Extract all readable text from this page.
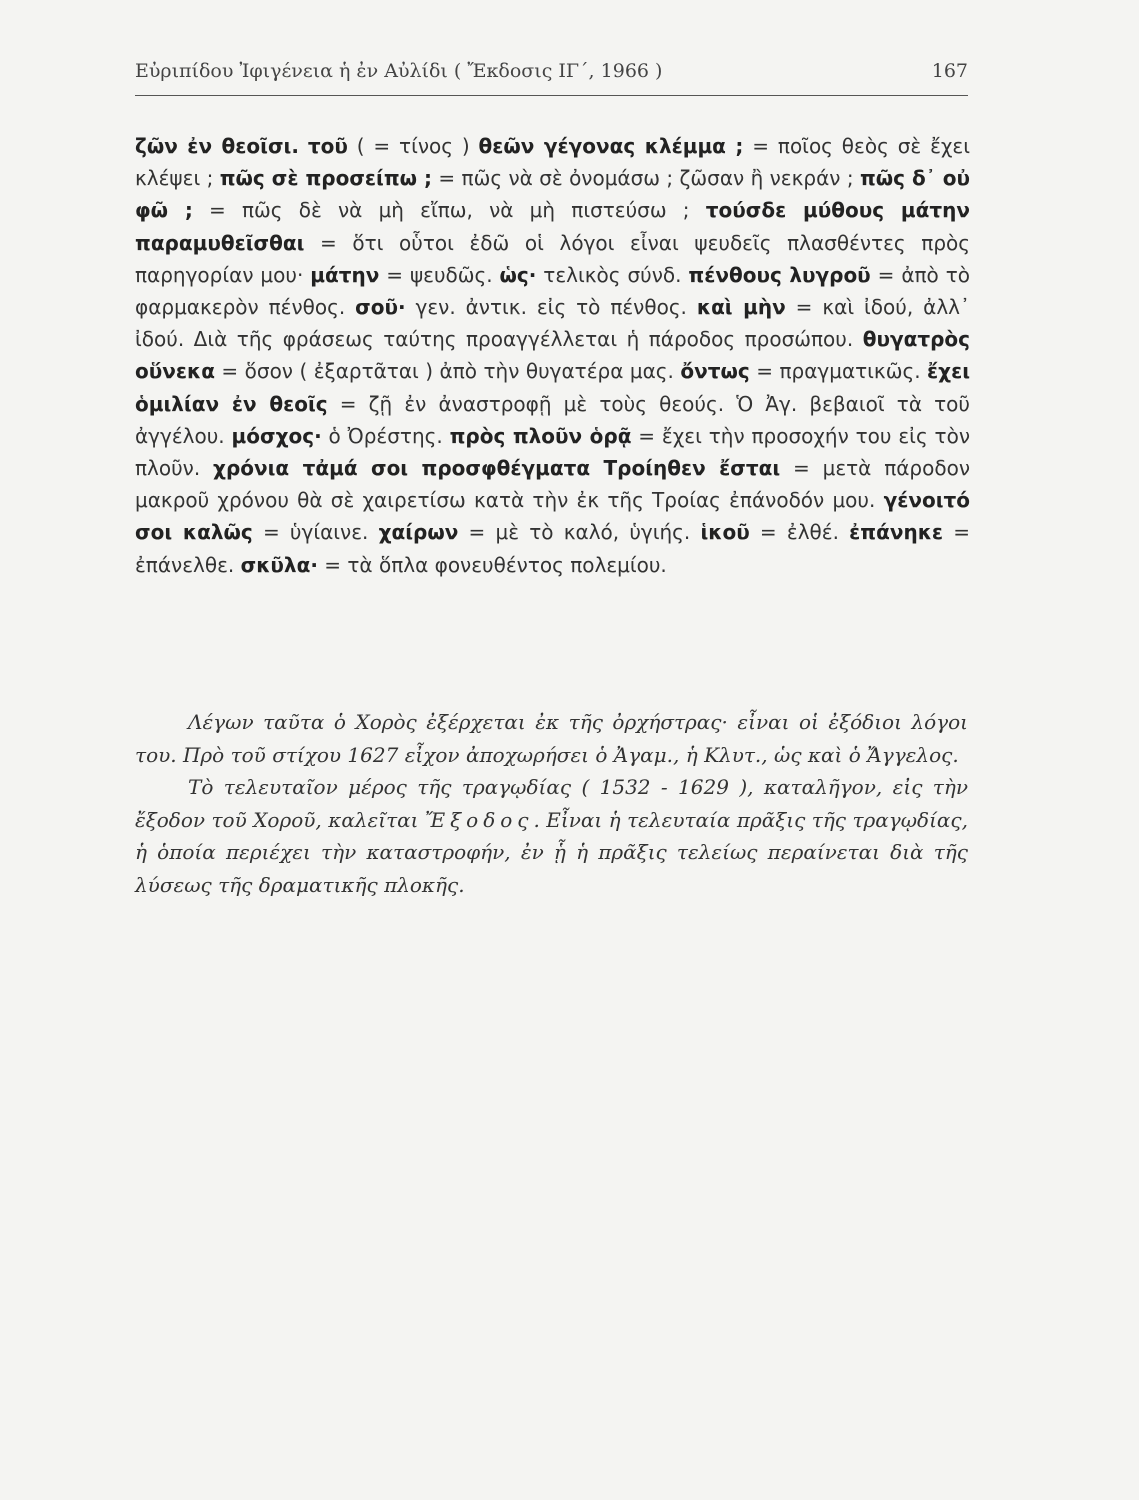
Εὐριπίδου Ἰφιγένεια ἡ ἐν Αὐλίδι ( Ἔκδοσις ΙΓ΄, 1966 )	167
ζῶν ἐν θεοῖσι. τοῦ ( = τίνος ) θεῶν γέγονας κλέμμα ; = ποῖος θεὸς σὲ ἔχει κλέψει ; πῶς σὲ προσείπω ; = πῶς νὰ σὲ ὀνομάσω ; ζῶσαν ἢ νεκράν ; πῶς δ᾽ οὐ φῶ ; = πῶς δὲ νὰ μὴ εἴπω, νὰ μὴ πιστεύσω ; τούσδε μύθους μάτην παραμυθεῖσθαι = ὅτι οὗτοι ἐδῶ οἱ λόγοι εἶναι ψευδεῖς πλασθέντες πρὸς παρηγορίαν μου· μάτην = ψευδῶς. ὡς· τελικὸς σύνδ. πένθους λυγροῦ = ἀπὸ τὸ φαρμακερὸν πένθος. σοῦ· γεν. ἀντικ. εἰς τὸ πένθος. καὶ μὴν = καὶ ἰδού, ἀλλ᾽ ἰδού. Διὰ τῆς φράσεως ταύτης προαγγέλλεται ἡ πάροδος προσώπου. θυγατρὸς οὕνεκα = ὅσον ( ἐξαρτᾶται ) ἀπὸ τὴν θυγατέρα μας. ὄντως = πραγματικῶς. ἔχει ὁμιλίαν ἐν θεοῖς = ζῇ ἐν ἀναστροφῇ μὲ τοὺς θεούς. Ὁ Ἀγ. βεβαιοῖ τὰ τοῦ ἀγγέλου. μόσχος· ὁ Ὀρέστης. πρὸς πλοῦν ὁρᾷ = ἔχει τὴν προσοχήν του εἰς τὸν πλοῦν. χρόνια τἀμά σοι προσφθέγματα Τροίηθεν ἔσται = μετὰ πάροδον μακροῦ χρόνου θὰ σὲ χαιρετίσω κατὰ τὴν ἐκ τῆς Τροίας ἐπάνοδόν μου. γένοιτό σοι καλῶς = ὑγίαινε. χαίρων = μὲ τὸ καλό, ὑγιής. ἱκοῦ = ἐλθέ. ἐπάνηκε = ἐπάνελθε. σκῦλα· = τὰ ὅπλα φονευθέντος πολεμίου.

Λέγων ταῦτα ὁ Χορὸς ἐξέρχεται ἐκ τῆς ὀρχήστρας· εἶναι οἱ ἐξόδιοι λόγοι του. Πρὸ τοῦ στίχου 1627 εἶχον ἀποχωρήσει ὁ Ἀγαμ., ἡ Κλυτ., ὡς καὶ ὁ Ἄγγελος.

Τὸ τελευταῖον μέρος τῆς τραγῳδίας ( 1532 - 1629 ), καταλῆγον, εἰς τὴν ἔξοδον τοῦ Χοροῦ, καλεῖται Ἔξοδος. Εἶναι ἡ τελευταία πρᾶξις τῆς τραγῳδίας, ἡ ὁποία περιέχει τὴν καταστροφήν, ἐν ᾗ ἡ πρᾶξις τελείως περαίνεται διὰ τῆς λύσεως τῆς δραματικῆς πλοκῆς.
